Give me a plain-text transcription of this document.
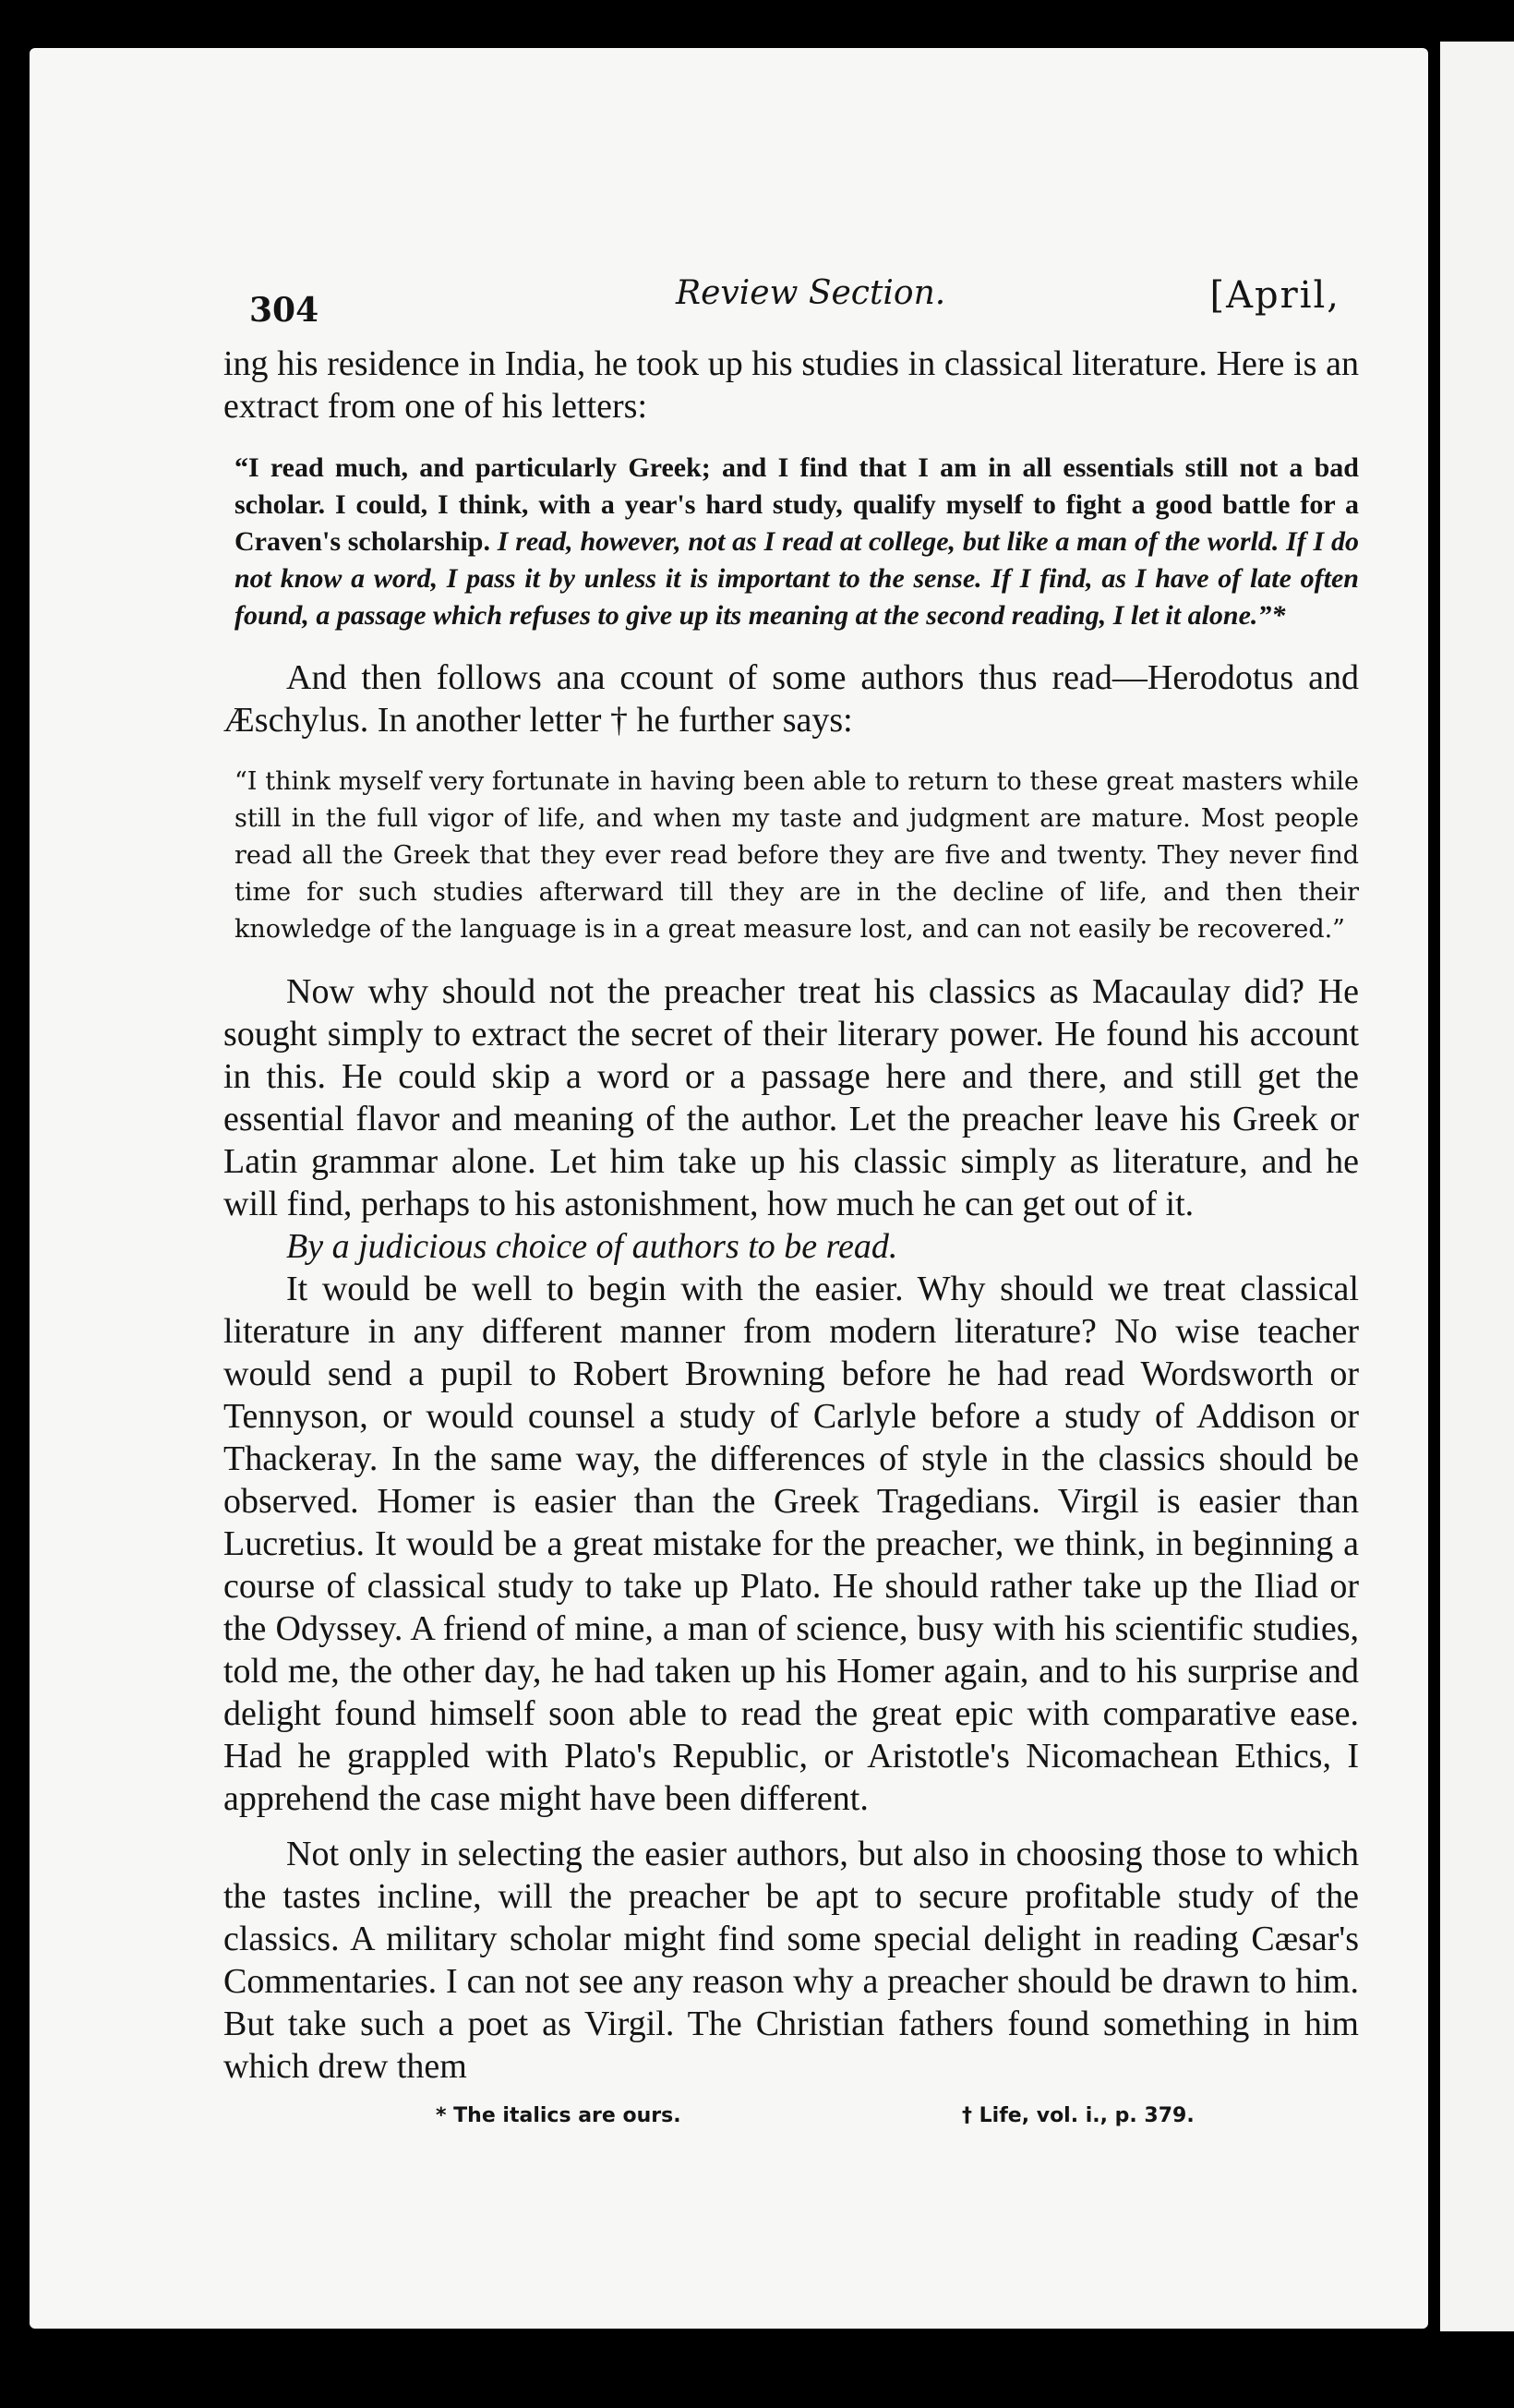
304	Review Section.	[April,

ing his residence in India, he took up his studies in classical literature. Here is an extract from one of his letters:

“I read much, and particularly Greek; and I find that I am in all essentials still not a bad scholar. I could, I think, with a year's hard study, qualify myself to fight a good battle for a Craven's scholarship. I read, however, not as I read at college, but like a man of the world. If I do not know a word, I pass it by unless it is important to the sense. If I find, as I have of late often found, a passage which refuses to give up its meaning at the second reading, I let it alone.”*

And then follows ana ccount of some authors thus read—Herodotus and Æschylus. In another letter † he further says:

“I think myself very fortunate in having been able to return to these great masters while still in the full vigor of life, and when my taste and judgment are mature. Most people read all the Greek that they ever read before they are five and twenty. They never find time for such studies afterward till they are in the decline of life, and then their knowledge of the language is in a great measure lost, and can not easily be recovered.”

Now why should not the preacher treat his classics as Macaulay did? He sought simply to extract the secret of their literary power. He found his account in this. He could skip a word or a passage here and there, and still get the essential flavor and meaning of the author. Let the preacher leave his Greek or Latin grammar alone. Let him take up his classic simply as literature, and he will find, perhaps to his astonishment, how much he can get out of it.

By a judicious choice of authors to be read.

It would be well to begin with the easier. Why should we treat classical literature in any different manner from modern literature? No wise teacher would send a pupil to Robert Browning before he had read Wordsworth or Tennyson, or would counsel a study of Carlyle before a study of Addison or Thackeray. In the same way, the differences of style in the classics should be observed. Homer is easier than the Greek Tragedians. Virgil is easier than Lucretius. It would be a great mistake for the preacher, we think, in beginning a course of classical study to take up Plato. He should rather take up the Iliad or the Odyssey. A friend of mine, a man of science, busy with his scientific studies, told me, the other day, he had taken up his Homer again, and to his surprise and delight found himself soon able to read the great epic with comparative ease. Had he grappled with Plato's Republic, or Aristotle's Nicomachean Ethics, I apprehend the case might have been different.

Not only in selecting the easier authors, but also in choosing those to which the tastes incline, will the preacher be apt to secure profitable study of the classics. A military scholar might find some special delight in reading Cæsar's Commentaries. I can not see any reason why a preacher should be drawn to him. But take such a poet as Virgil. The Christian fathers found something in him which drew them

* The italics are ours.	† Life, vol. i., p. 379.
